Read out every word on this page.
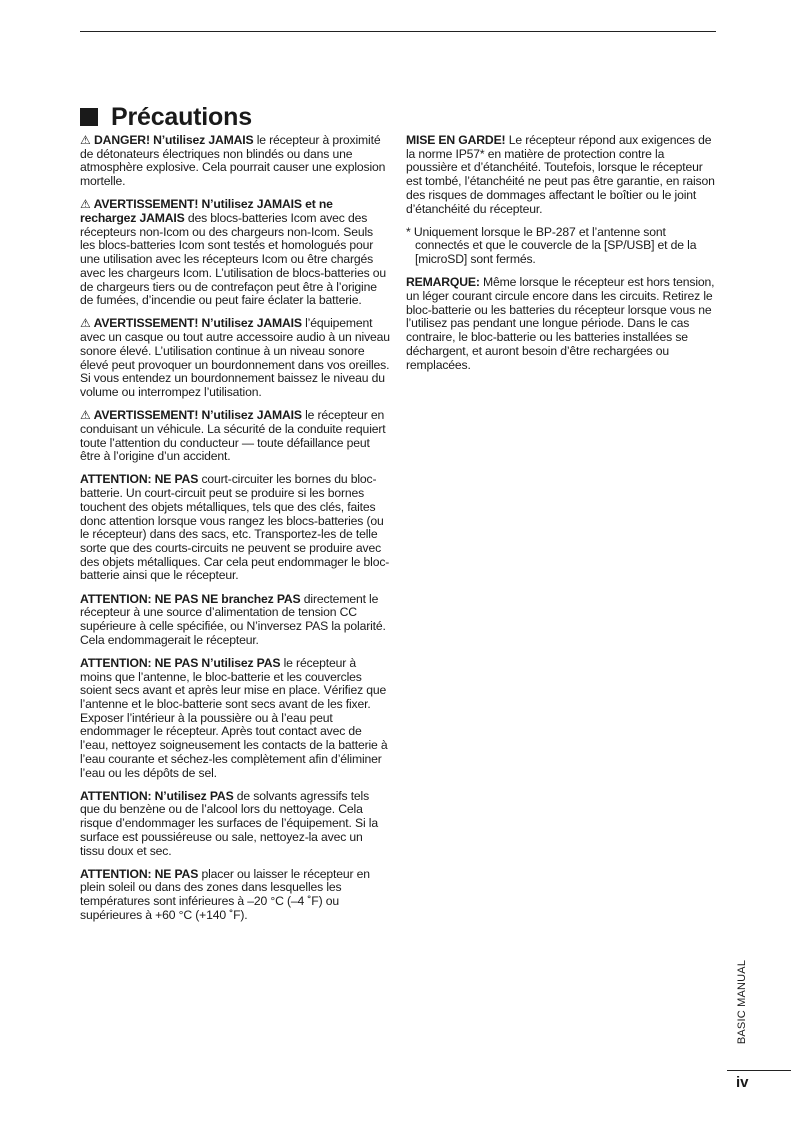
Précautions

⚠ DANGER! N’utilisez JAMAIS le récepteur à proximité de détonateurs électriques non blindés ou dans une atmosphère explosive. Cela pourrait causer une explosion mortelle.

⚠ AVERTISSEMENT! N’utilisez JAMAIS et ne rechargez JAMAIS des blocs-batteries Icom avec des récepteurs non-Icom ou des chargeurs non-Icom. Seuls les blocs-batteries Icom sont testés et homologués pour une utilisation avec les récepteurs Icom ou être chargés avec les chargeurs Icom. L’utilisation de blocs-batteries ou de chargeurs tiers ou de contrefaçon peut être à l’origine de fumées, d’incendie ou peut faire éclater la batterie.

⚠ AVERTISSEMENT! N’utilisez JAMAIS l’équipement avec un casque ou tout autre accessoire audio à un niveau sonore élevé. L’utilisation continue à un niveau sonore élevé peut provoquer un bourdonnement dans vos oreilles. Si vous entendez un bourdonnement baissez le niveau du volume ou interrompez l’utilisation.

⚠ AVERTISSEMENT! N’utilisez JAMAIS le récepteur en conduisant un véhicule. La sécurité de la conduite requiert toute l’attention du conducteur — toute défaillance peut être à l’origine d’un accident.

ATTENTION: NE PAS court-circuiter les bornes du bloc-batterie. Un court-circuit peut se produire si les bornes touchent des objets métalliques, tels que des clés, faites donc attention lorsque vous rangez les blocs-batteries (ou le récepteur) dans des sacs, etc. Transportez-les de telle sorte que des courts-circuits ne peuvent se produire avec des objets métalliques. Car cela peut endommager le bloc-batterie ainsi que le récepteur.

ATTENTION: NE PAS NE branchez PAS directement le récepteur à une source d’alimentation de tension CC supérieure à celle spécifiée, ou N’inversez PAS la polarité. Cela endommagerait le récepteur.

ATTENTION: NE PAS N’utilisez PAS le récepteur à moins que l’antenne, le bloc-batterie et les couvercles soient secs avant et après leur mise en place. Vérifiez que l’antenne et le bloc-batterie sont secs avant de les fixer. Exposer l’intérieur à la poussière ou à l’eau peut endommager le récepteur. Après tout contact avec de l’eau, nettoyez soigneusement les contacts de la batterie à l’eau courante et séchez-les complètement afin d’éliminer l’eau ou les dépôts de sel.

ATTENTION: N’utilisez PAS de solvants agressifs tels que du benzène ou de l’alcool lors du nettoyage. Cela risque d’endommager les surfaces de l’équipement. Si la surface est poussiéreuse ou sale, nettoyez-la avec un tissu doux et sec.

ATTENTION: NE PAS placer ou laisser le récepteur en plein soleil ou dans des zones dans lesquelles les températures sont inférieures à –20 °C (–4 ˚F) ou supérieures à +60 °C (+140 ˚F).

MISE EN GARDE! Le récepteur répond aux exigences de la norme IP57* en matière de protection contre la poussière et d’étanchéité. Toutefois, lorsque le récepteur est tombé, l’étanchéité ne peut pas être garantie, en raison des risques de dommages affectant le boîtier ou le joint d’étanchéité du récepteur.

* Uniquement lorsque le BP-287 et l’antenne sont connectés et que le couvercle de la [SP/USB] et de la [microSD] sont fermés.

REMARQUE: Même lorsque le récepteur est hors tension, un léger courant circule encore dans les circuits. Retirez le bloc-batterie ou les batteries du récepteur lorsque vous ne l’utilisez pas pendant une longue période. Dans le cas contraire, le bloc-batterie ou les batteries installées se déchargent, et auront besoin d’être rechargées ou remplacées.

BASIC MANUAL
iv
